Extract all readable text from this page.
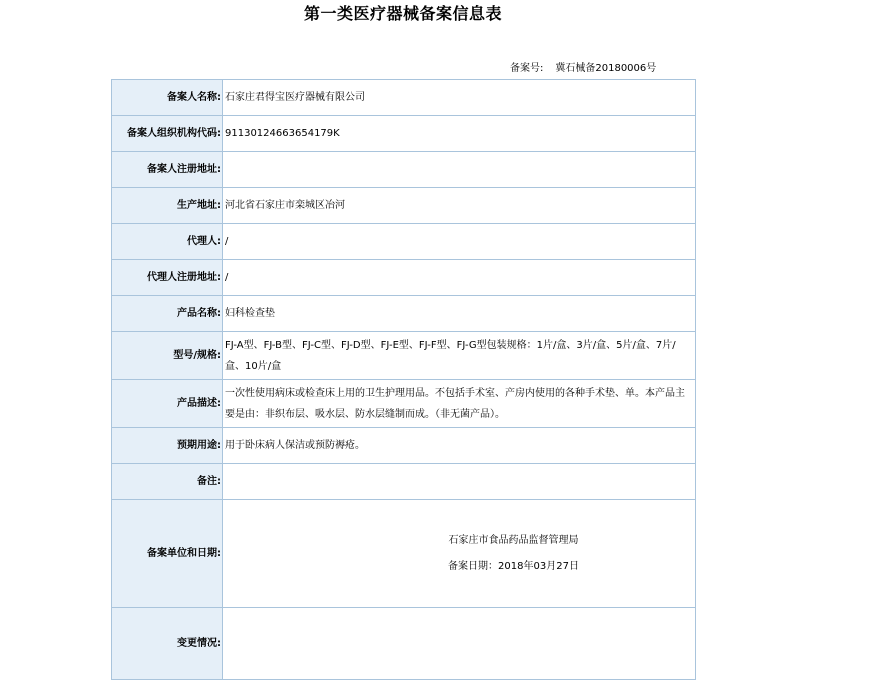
第一类医疗器械备案信息表
备案号: 冀石械备20180006号
备案人名称:	石家庄君得宝医疗器械有限公司
备案人组织机构代码:	91130124663654179K
备案人注册地址:	
生产地址:	河北省石家庄市栾城区冶河
代理人:	/
代理人注册地址:	/
产品名称:	妇科检查垫
型号/规格:	FJ-A型、FJ-B型、FJ-C型、FJ-D型、FJ-E型、FJ-F型、FJ-G型包装规格：1片/盒、3片/盒、5片/盒、7片/盒、10片/盒
产品描述:	一次性使用病床或检查床上用的卫生护理用品。不包括手术室、产房内使用的各种手术垫、单。本产品主要是由：非织布层、吸水层、防水层缝制而成。（非无菌产品）。
预期用途:	用于卧床病人保洁或预防褥疮。
备注:	
备案单位和日期:	石家庄市食品药品监督管理局
备案日期：2018年03月27日

变更情况:	
